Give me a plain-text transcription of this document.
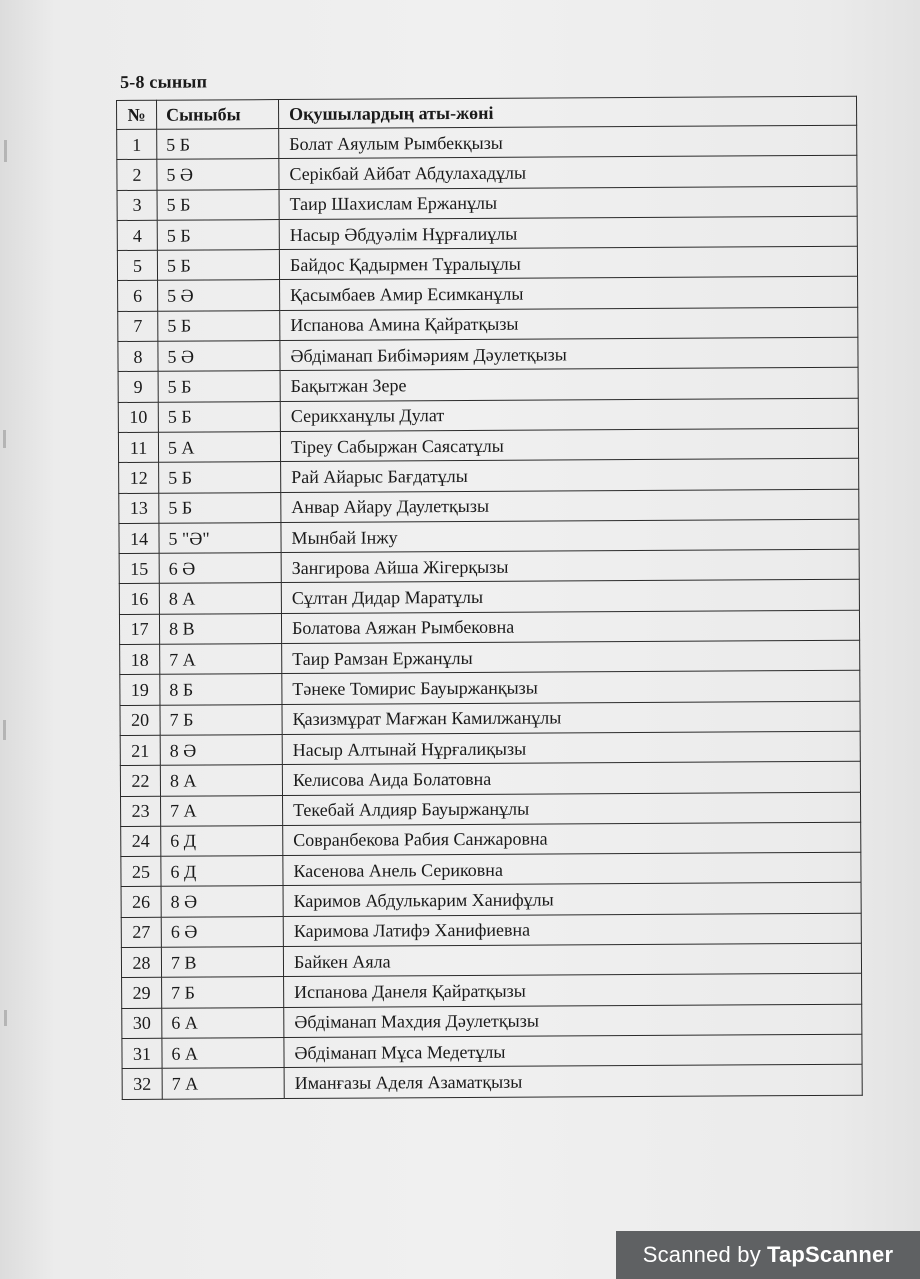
5-8 сынып
№	Сыныбы	Оқушылардың аты-жөні
1	5 Б	Болат Аяулым Рымбекқызы
2	5 Ә	Серікбай Айбат Абдулахадұлы
3	5 Б	Таир Шахислам Ержанұлы
4	5 Б	Насыр Әбдуәлім Нұрғалиұлы
5	5 Б	Байдос Қадырмен Тұралыұлы
6	5 Ә	Қасымбаев Амир Есимканұлы
7	5 Б	Испанова Амина Қайратқызы
8	5 Ә	Әбдіманап Бибімәриям Дәулетқызы
9	5 Б	Бақытжан Зере
10	5 Б	Серикханұлы Дулат
11	5 А	Тіреу Сабыржан Саясатұлы
12	5 Б	Рай Айарыс Бағдатұлы
13	5 Б	Анвар Айару Даулетқызы
14	5 "Ә"	Мынбай Інжу
15	6 Ә	Зангирова Айша Жігерқызы
16	8 А	Сұлтан Дидар Маратұлы
17	8 В	Болатова Аяжан Рымбековна
18	7 А	Таир Рамзан Ержанұлы
19	8 Б	Тәнеке Томирис Бауыржанқызы
20	7 Б	Қазизмұрат Мағжан Камилжанұлы
21	8 Ә	Насыр Алтынай Нұрғалиқызы
22	8 А	Келисова Аида Болатовна
23	7 А	Текебай Алдияр Бауыржанұлы
24	6 Д	Совранбекова Рабия Санжаровна
25	6 Д	Касенова Анель Сериковна
26	8 Ә	Каримов Абдулькарим Ханифұлы
27	6 Ә	Каримова Латифэ Ханифиевна
28	7 В	Байкен Аяла
29	7 Б	Испанова Данеля Қайратқызы
30	6 А	Әбдіманап Махдия Дәулетқызы
31	6 А	Әбдіманап Мұса Медетұлы
32	7 А	Иманғазы Аделя Азаматқызы
Scanned by TapScanner
